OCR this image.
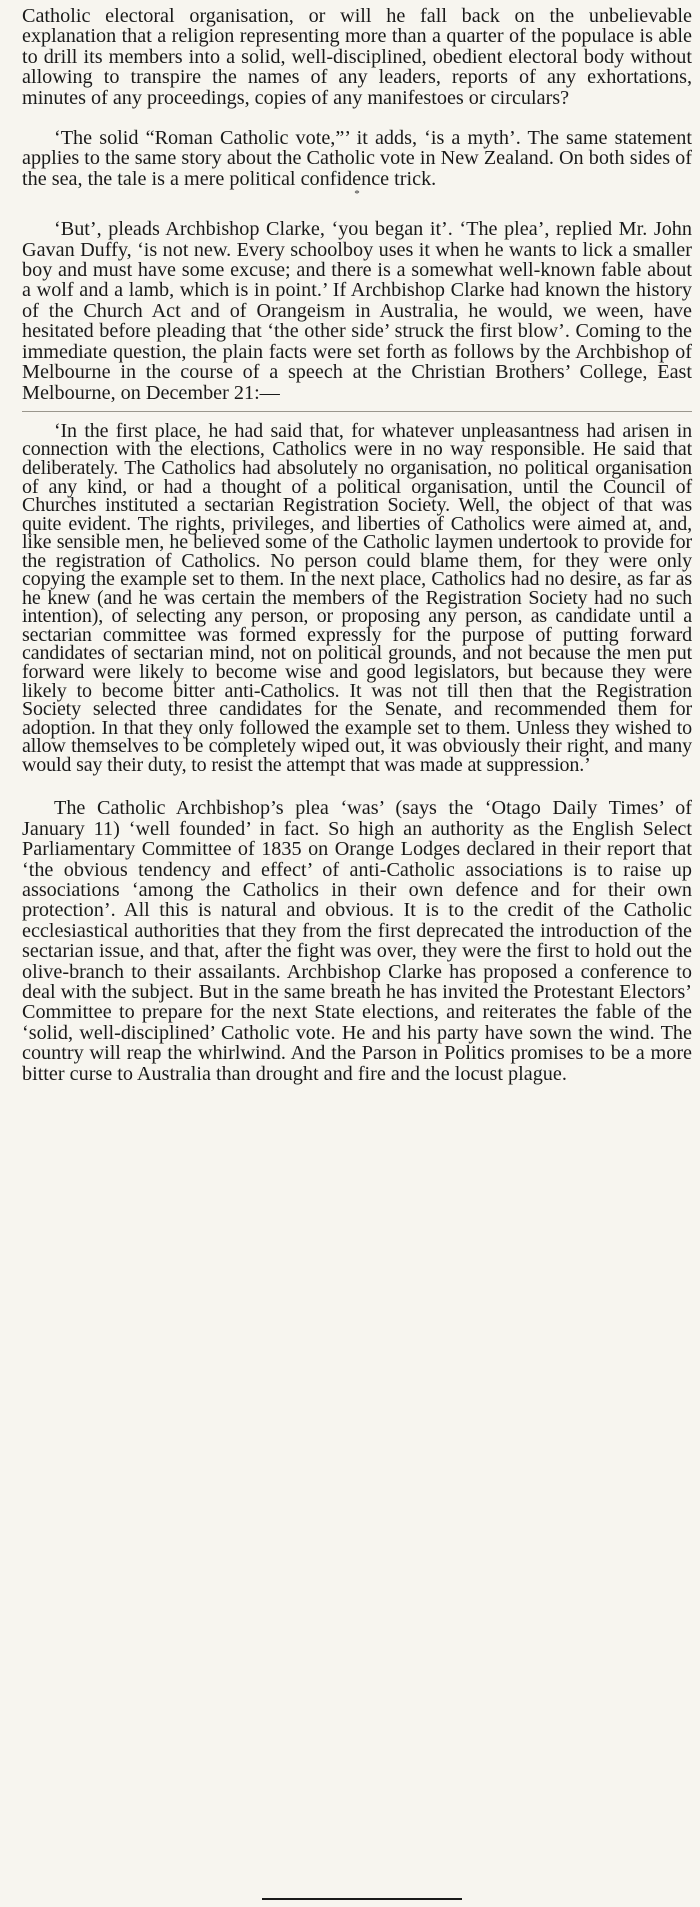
Catholic electoral organisation, or will he fall back on the unbelievable explanation that a religion representing more than a quarter of the populace is able to drill its members into a solid, well-disciplined, obedient electoral body without allowing to transpire the names of any leaders, reports of any exhortations, minutes of any proceedings, copies of any manifestoes or circulars?

‘The solid “Roman Catholic vote,”’ it adds, ‘is a myth’. The same statement applies to the same story about the Catholic vote in New Zealand. On both sides of the sea, the tale is a mere political confidence trick.

*

‘But’, pleads Archbishop Clarke, ‘you began it’. ‘The plea’, replied Mr. John Gavan Duffy, ‘is not new. Every schoolboy uses it when he wants to lick a smaller boy and must have some excuse; and there is a somewhat well-known fable about a wolf and a lamb, which is in point.’ If Archbishop Clarke had known the history of the Church Act and of Orangeism in Australia, he would, we ween, have hesitated before pleading that ‘the other side’ struck the first blow’. Coming to the immediate question, the plain facts were set forth as follows by the Archbishop of Melbourne in the course of a speech at the Christian Brothers’ College, East Melbourne, on December 21:—

‘In the first place, he had said that, for whatever unpleasantness had arisen in connection with the elections, Catholics were in no way responsible. He said that deliberately. The Catholics had absolutely no organisation, no political organisation of any kind, or had a thought of a political organisation, until the Council of Churches instituted a sectarian Registration Society. Well, the object of that was quite evident. The rights, privileges, and liberties of Catholics were aimed at, and, like sensible men, he believed some of the Catholic laymen undertook to provide for the registration of Catholics. No person could blame them, for they were only copying the example set to them. In the next place, Catholics had no desire, as far as he knew (and he was certain the members of the Registration Society had no such intention), of selecting any person, or proposing any person, as candidate until a sectarian committee was formed expressly for the purpose of putting forward candidates of sectarian mind, not on political grounds, and not because the men put forward were likely to become wise and good legislators, but because they were likely to become bitter anti-Catholics. It was not till then that the Registration Society selected three candidates for the Senate, and recommended them for adoption. In that they only followed the example set to them. Unless they wished to allow themselves to be completely wiped out, it was obviously their right, and many would say their duty, to resist the attempt that was made at suppression.’

The Catholic Archbishop’s plea ‘was’ (says the ‘Otago Daily Times’ of January 11) ‘well founded’ in fact. So high an authority as the English Select Parliamentary Committee of 1835 on Orange Lodges declared in their report that ‘the obvious tendency and effect’ of anti-Catholic associations is to raise up associations ‘among the Catholics in their own defence and for their own protection’. All this is natural and obvious. It is to the credit of the Catholic ecclesiastical authorities that they from the first deprecated the introduction of the sectarian issue, and that, after the fight was over, they were the first to hold out the olive-branch to their assailants. Archbishop Clarke has proposed a conference to deal with the subject. But in the same breath he has invited the Protestant Electors’ Committee to prepare for the next State elections, and reiterates the fable of the ‘solid, well-disciplined’ Catholic vote. He and his party have sown the wind. The country will reap the whirlwind. And the Parson in Politics promises to be a more bitter curse to Australia than drought and fire and the locust plague.
